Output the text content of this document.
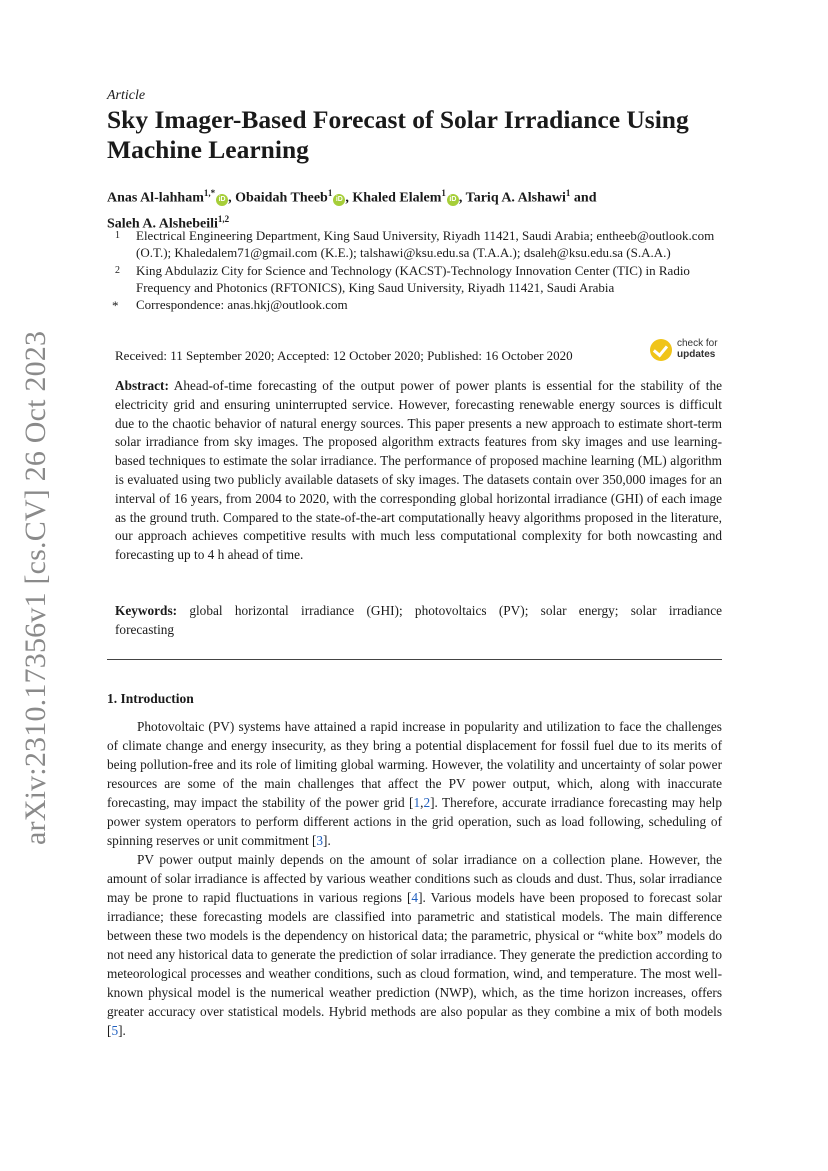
arXiv:2310.17356v1 [cs.CV] 26 Oct 2023
Article
Sky Imager-Based Forecast of Solar Irradiance Using Machine Learning
Anas Al-lahham$^{1,*}$iD , Obaidah Theeb$^1$iD , Khaled Elalem$^1$iD , Tariq A. Alshawi$^1$ and
Saleh A. Alshebeili$^{1,2}$
1 Electrical Engineering Department, King Saud University, Riyadh 11421, Saudi Arabia; entheeb@outlook.com (O.T.); Khaledalem71@gmail.com (K.E.); talshawi@ksu.edu.sa (T.A.A.); dsaleh@ksu.edu.sa (S.A.A.)
2 King Abdulaziz City for Science and Technology (KACST)-Technology Innovation Center (TIC) in Radio Frequency and Photonics (RFTONICS), King Saud University, Riyadh 11421, Saudi Arabia
* Correspondence: anas.hkj@outlook.com
Received: 11 September 2020; Accepted: 12 October 2020; Published: 16 October 2020
check for
updates

Abstract: Ahead-of-time forecasting of the output power of power plants is essential for the stability of the electricity grid and ensuring uninterrupted service. However, forecasting renewable energy sources is difficult due to the chaotic behavior of natural energy sources. This paper presents a new approach to estimate short-term solar irradiance from sky images. The proposed algorithm extracts features from sky images and use learning-based techniques to estimate the solar irradiance. The performance of proposed machine learning (ML) algorithm is evaluated using two publicly available datasets of sky images. The datasets contain over 350,000 images for an interval of 16 years, from 2004 to 2020, with the corresponding global horizontal irradiance (GHI) of each image as the ground truth. Compared to the state-of-the-art computationally heavy algorithms proposed in the literature, our approach achieves competitive results with much less computational complexity for both nowcasting and forecasting up to 4 h ahead of time.

Keywords: global horizontal irradiance (GHI); photovoltaics (PV); solar energy; solar irradiance forecasting

1. Introduction

Photovoltaic (PV) systems have attained a rapid increase in popularity and utilization to face the challenges of climate change and energy insecurity, as they bring a potential displacement for fossil fuel due to its merits of being pollution-free and its role of limiting global warming. However, the volatility and uncertainty of solar power resources are some of the main challenges that affect the PV power output, which, along with inaccurate forecasting, may impact the stability of the power grid [1,2]. Therefore, accurate irradiance forecasting may help power system operators to perform different actions in the grid operation, such as load following, scheduling of spinning reserves or unit commitment [3].

PV power output mainly depends on the amount of solar irradiance on a collection plane. However, the amount of solar irradiance is affected by various weather conditions such as clouds and dust. Thus, solar irradiance may be prone to rapid fluctuations in various regions [4]. Various models have been proposed to forecast solar irradiance; these forecasting models are classified into parametric and statistical models. The main difference between these two models is the dependency on historical data; the parametric, physical or “white box” models do not need any historical data to generate the prediction of solar irradiance. They generate the prediction according to meteorological processes and weather conditions, such as cloud formation, wind, and temperature. The most well-known physical model is the numerical weather prediction (NWP), which, as the time horizon increases, offers greater accuracy over statistical models. Hybrid methods are also popular as they combine a mix of both models [5].
